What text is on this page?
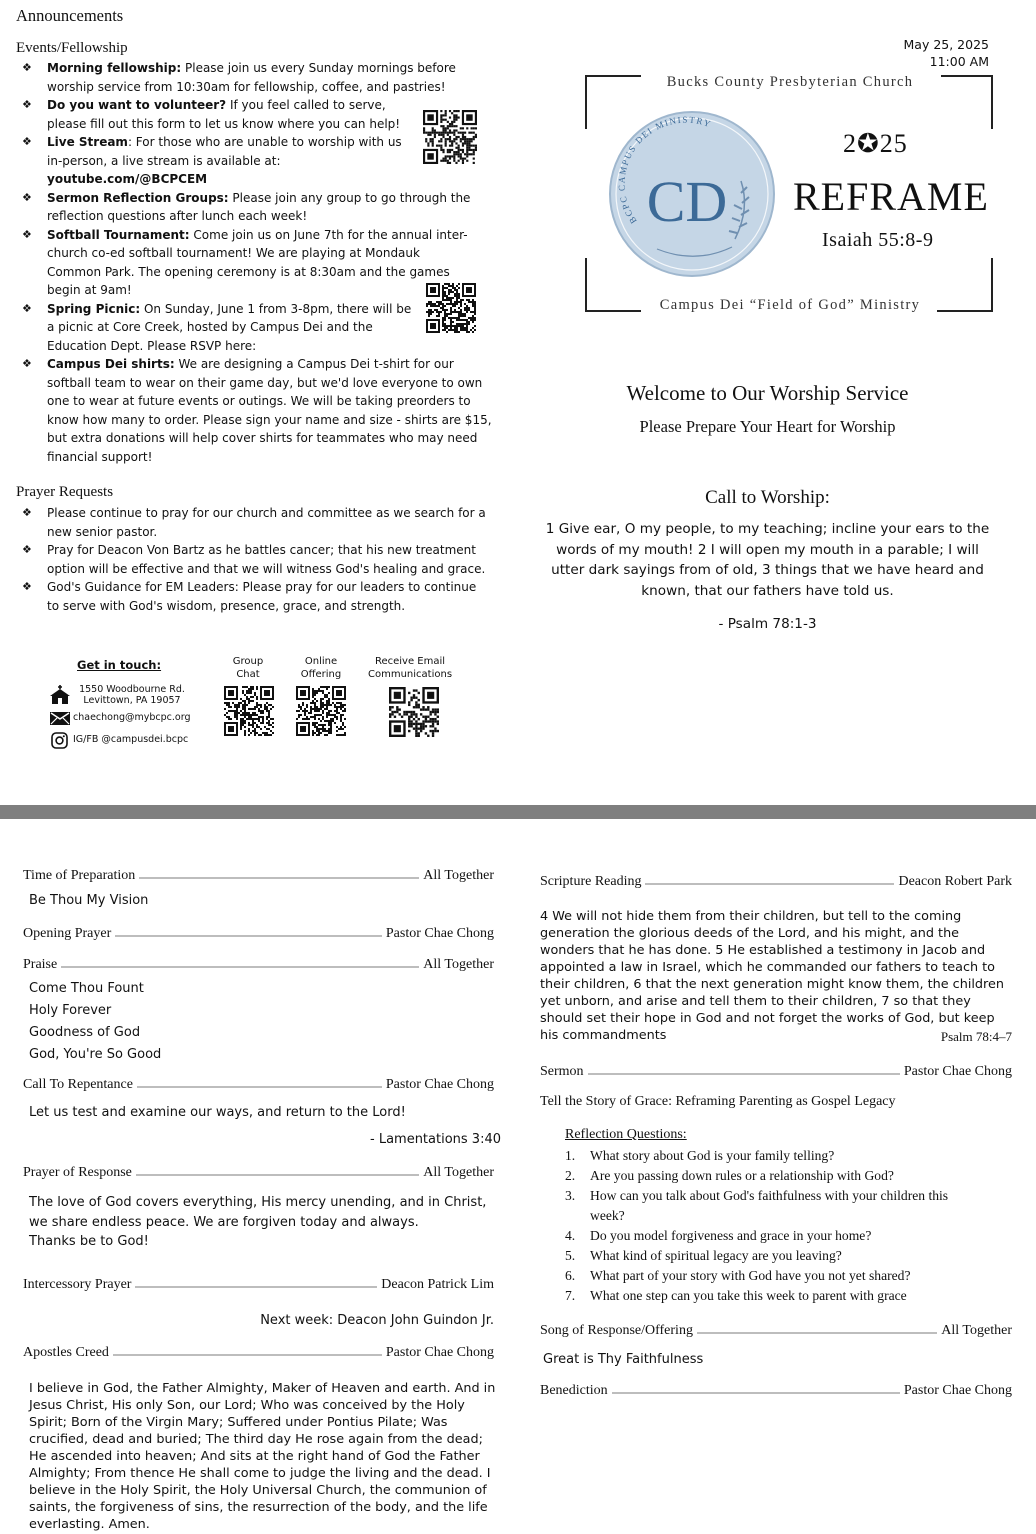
Announcements
Events/Fellowship
❖ Morning fellowship: Please join us every Sunday mornings before worship service from 10:30am for fellowship, coffee, and pastries!
❖ Do you want to volunteer? If you feel called to serve, please fill out this form to let us know where you can help!
❖ Live Stream: For those who are unable to worship with us in-person, a live stream is available at:
youtube.com/@BCPCEM
❖ Sermon Reflection Groups: Please join any group to go through the reflection questions after lunch each week!
❖ Softball Tournament: Come join us on June 7th for the annual inter-church co-ed softball tournament! We are playing at Mondauk Common Park. The opening ceremony is at 8:30am and the games begin at 9am!
❖ Spring Picnic: On Sunday, June 1 from 3-8pm, there will be a picnic at Core Creek, hosted by Campus Dei and the Education Dept. Please RSVP here:
❖ Campus Dei shirts: We are designing a Campus Dei t-shirt for our softball team to wear on their game day, but we'd love everyone to own one to wear at future events or outings. We will be taking preorders to know how many to order. Please sign your name and size - shirts are $15, but extra donations will help cover shirts for teammates who may need financial support!
Prayer Requests
❖ Please continue to pray for our church and committee as we search for a new senior pastor.
❖ Pray for Deacon Von Bartz as he battles cancer; that his new treatment option will be effective and that we will witness God's healing and grace.
❖ God's Guidance for EM Leaders: Please pray for our leaders to continue to serve with God's wisdom, presence, grace, and strength.
May 25, 2025
11:00 AM
Bucks County Presbyterian Church
2✪25
REFRAME
Isaiah 55:8-9
Campus Dei “Field of God” Ministry
BCPC CAMPUS DEI MINISTRY
CD
Welcome to Our Worship Service
Please Prepare Your Heart for Worship
Call to Worship:
1 Give ear, O my people, to my teaching; incline your ears to the words of my mouth! 2 I will open my mouth in a parable; I will utter dark sayings from of old, 3 things that we have heard and known, that our fathers have told us.
- Psalm 78:1-3
Get in touch:
1550 Woodbourne Rd.
Levittown, PA 19057
chaechong@mybcpc.org
IG/FB @campusdei.bcpc
Group
Chat
Online
Offering
Receive Email
Communications
Time of Preparation	All Together
Be Thou My Vision
Opening Prayer	Pastor Chae Chong
Praise	All Together
Come Thou Fount
Holy Forever
Goodness of God
God, You're So Good
Call To Repentance	Pastor Chae Chong
Let us test and examine our ways, and return to the Lord!
- Lamentations 3:40
Prayer of Response	All Together
The love of God covers everything, His mercy unending, and in Christ,
we share endless peace. We are forgiven today and always.
Thanks be to God!
Intercessory Prayer	Deacon Patrick Lim
Next week: Deacon John Guindon Jr.
Apostles Creed	Pastor Chae Chong
I believe in God, the Father Almighty, Maker of Heaven and earth. And in Jesus Christ, His only Son, our Lord; Who was conceived by the Holy Spirit; Born of the Virgin Mary; Suffered under Pontius Pilate; Was crucified, dead and buried; The third day He rose again from the dead; He ascended into heaven; And sits at the right hand of God the Father Almighty; From thence He shall come to judge the living and the dead. I believe in the Holy Spirit, the Holy Universal Church, the communion of saints, the forgiveness of sins, the resurrection of the body, and the life everlasting. Amen.
Scripture Reading	Deacon Robert Park
4 We will not hide them from their children, but tell to the coming generation the glorious deeds of the Lord, and his might, and the wonders that he has done. 5 He established a testimony in Jacob and appointed a law in Israel, which he commanded our fathers to teach to their children, 6 that the next generation might know them, the children yet unborn, and arise and tell them to their children, 7 so that they should set their hope in God and not forget the works of God, but keep his commandments	Psalm 78:4–7
Sermon	Pastor Chae Chong
Tell the Story of Grace: Reframing Parenting as Gospel Legacy
Reflection Questions:
1. What story about God is your family telling?
2. Are you passing down rules or a relationship with God?
3. How can you talk about God's faithfulness with your children this week?
4. Do you model forgiveness and grace in your home?
5. What kind of spiritual legacy are you leaving?
6. What part of your story with God have you not yet shared?
7. What one step can you take this week to parent with grace
Song of Response/Offering	All Together
Great is Thy Faithfulness
Benediction	Pastor Chae Chong
